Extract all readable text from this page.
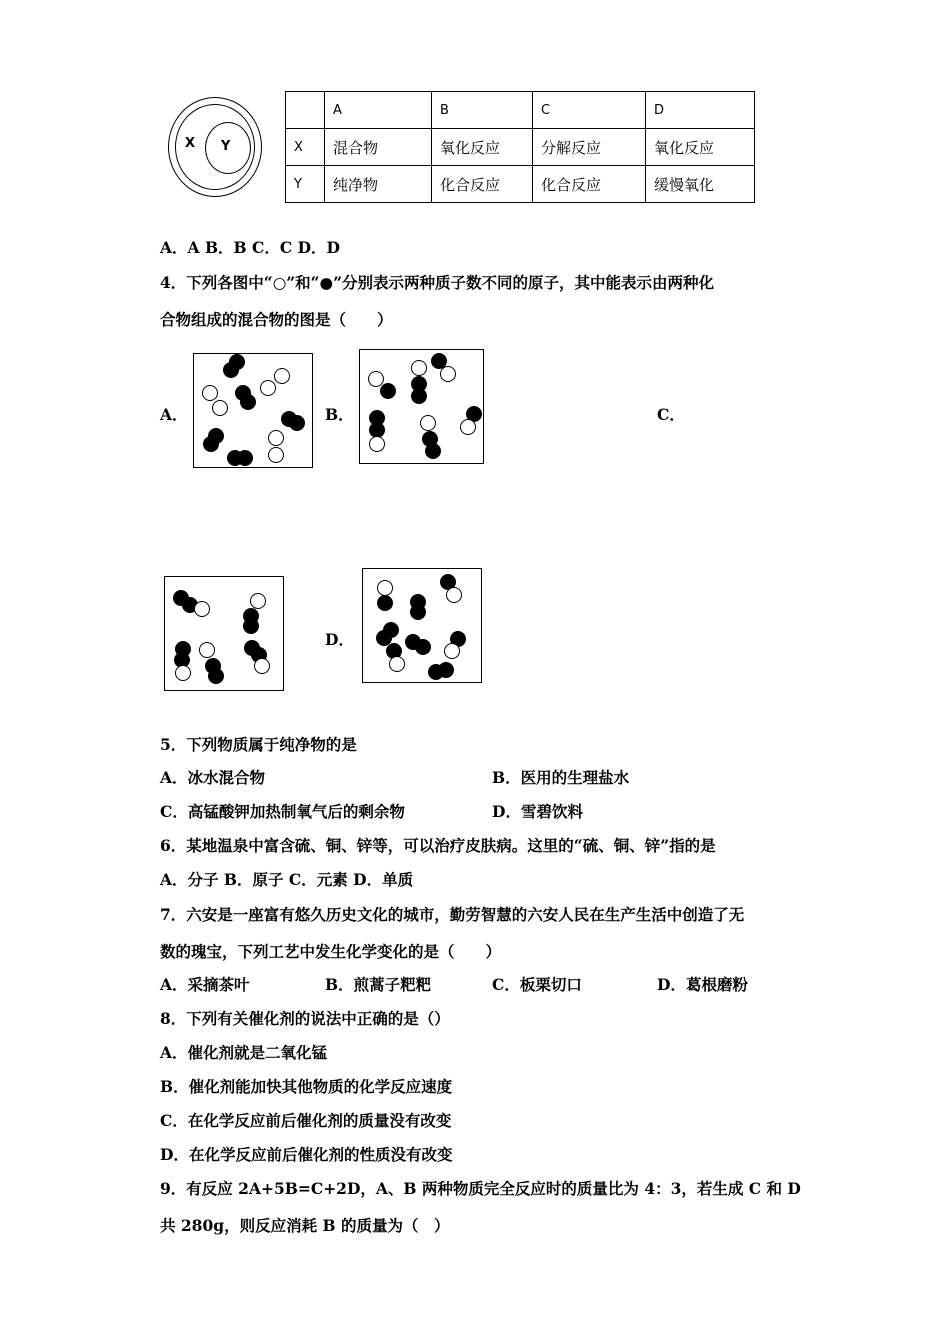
X Y
	A	B	C	D
X	混合物	氧化反应	分解反应	氧化反应
Y	纯净物	化合反应	化合反应	缓慢氧化
A．A B．B C．C D．D
4．下列各图中“○”和“●”分别表示两种质子数不同的原子，其中能表示由两种化
合物组成的混合物的图是（　　）
A．	B．	C．
D．
5．下列物质属于纯净物的是
A．冰水混合物	B．医用的生理盐水
C．高锰酸钾加热制氧气后的剩余物	D．雪碧饮料
6．某地温泉中富含硫、铜、锌等，可以治疗皮肤病。这里的“硫、铜、锌”指的是
A．分子 B．原子 C．元素 D．单质
7．六安是一座富有悠久历史文化的城市，勤劳智慧的六安人民在生产生活中创造了无
数的瑰宝，下列工艺中发生化学变化的是（　　）
A．采摘茶叶	B．煎蒿子粑粑	C．板栗切口	D．葛根磨粉
8．下列有关催化剂的说法中正确的是（）
A．催化剂就是二氧化锰
B．催化剂能加快其他物质的化学反应速度
C．在化学反应前后催化剂的质量没有改变
D．在化学反应前后催化剂的性质没有改变
9．有反应 2A+5B=C+2D，A、B 两种物质完全反应时的质量比为 4：3，若生成 C 和 D
共 280g，则反应消耗 B 的质量为（　）
